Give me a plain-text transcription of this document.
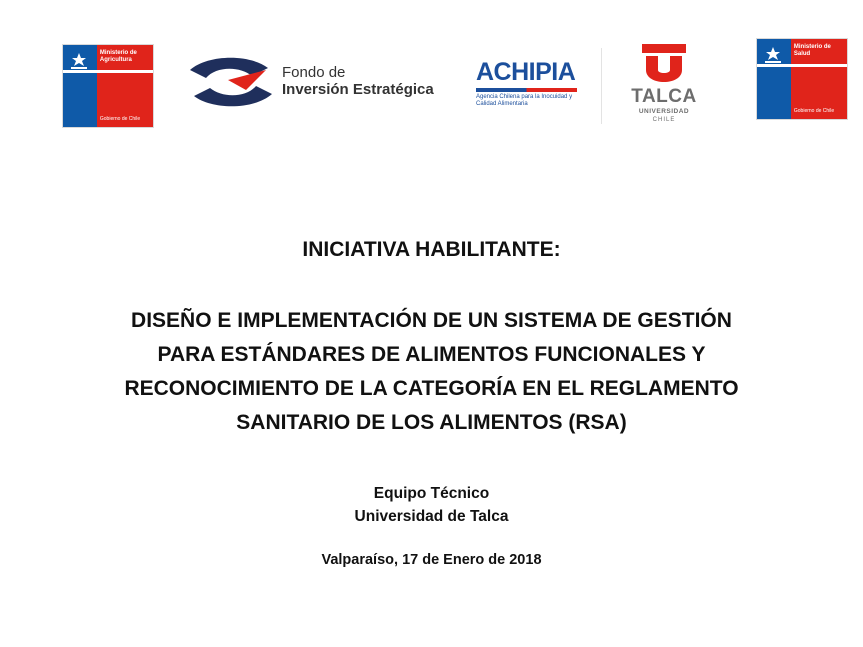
Ministerio de Agricultura
Gobierno de Chile
Fondo de
Inversión Estratégica
ACHIPIA
Agencia Chilena para la Inocuidad y Calidad Alimentaria	TALCA
UNIVERSIDAD
CHILE
Ministerio de Salud
Gobierno de Chile
INICIATIVA HABILITANTE:
DISEÑO E IMPLEMENTACIÓN DE UN SISTEMA DE GESTIÓN
PARA ESTÁNDARES DE ALIMENTOS FUNCIONALES Y
RECONOCIMIENTO DE LA CATEGORÍA EN EL REGLAMENTO
SANITARIO DE LOS ALIMENTOS (RSA)
Equipo Técnico
Universidad de Talca
Valparaíso, 17 de Enero de 2018
